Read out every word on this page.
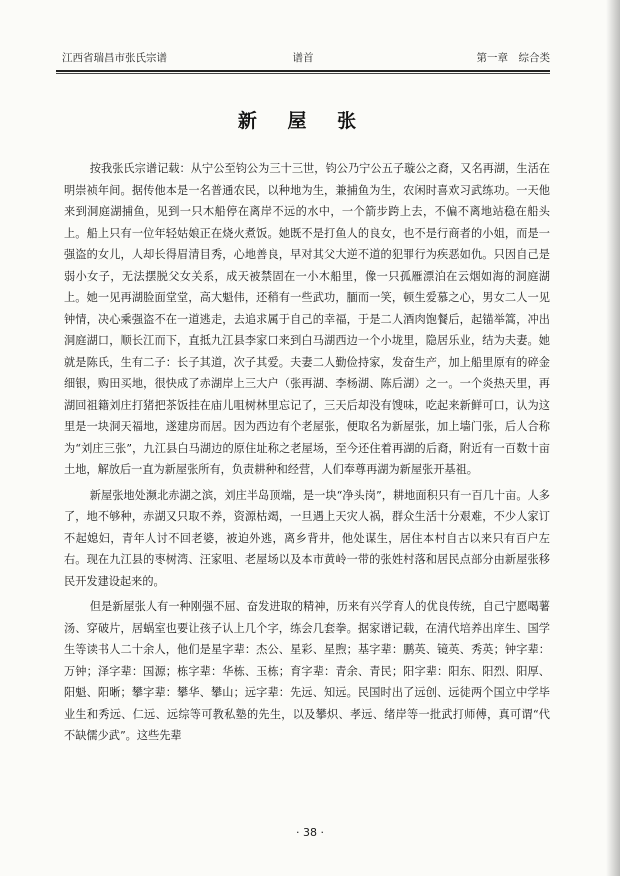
江西省瑞昌市张氏宗谱	谱首	第一章　综合类
新 屋 张

按我张氏宗谱记载：从宁公至钧公为三十三世，钧公乃宁公五子璇公之裔，又名再湖，生活在明崇祯年间。据传他本是一名普通农民，以种地为生，兼捕鱼为生，农闲时喜欢习武练功。一天他来到洞庭湖捕鱼，见到一只木船停在离岸不远的水中，一个箭步跨上去，不偏不离地站稳在船头上。船上只有一位年轻姑娘正在烧火煮饭。她既不是打鱼人的良女，也不是行商者的小姐，而是一强盗的女儿，人却长得眉清目秀，心地善良，早对其父大逆不道的犯罪行为疾恶如仇。只因自己是弱小女子，无法摆脱父女关系，成天被禁固在一小木船里，像一只孤雁漂泊在云烟如海的洞庭湖上。她一见再湖脸面堂堂，高大魁伟，还稍有一些武功，腼而一笑，顿生爱慕之心，男女二人一见钟情，决心乘强盗不在一道逃走，去追求属于自己的幸福，于是二人酒肉饱餐后，起锚举篙，冲出洞庭湖口，顺长江而下，直抵九江县李家口来到白马湖西边一个小垅里，隐居乐业，结为夫妻。她就是陈氏，生有二子：长子其道，次子其爱。夫妻二人勤俭持家，发奋生产，加上船里原有的碎金细银，购田买地，很快成了赤湖岸上三大户（张再湖、李杨湖、陈后湖）之一。一个炎热天里，再湖回祖籍刘庄打猪把茶饭挂在庙儿咀树林里忘记了，三天后却没有馊味，吃起来新鲜可口，认为这里是一块洞天福地，遂建房而居。因为西边有个老屋张，便取名为新屋张，加上墙门张，后人合称为“刘庄三张”，九江县白马湖边的原住址称之老屋场，至今还住着再湖的后裔，附近有一百数十亩土地，解放后一直为新屋张所有，负责耕种和经营，人们奉尊再湖为新屋张开基祖。

新屋张地处濒北赤湖之滨，刘庄半岛顶端，是一块“净头岗”，耕地面积只有一百几十亩。人多了，地不够种，赤湖又只取不养，资源枯竭，一旦遇上天灾人祸，群众生活十分艰难，不少人家订不起媳妇，青年人讨不回老婆，被迫外逃，离乡背井，他处谋生，居住本村自古以来只有百户左右。现在九江县的枣树湾、汪家咀、老屋场以及本市黄岭一带的张姓村落和居民点部分由新屋张移民开发建设起来的。

但是新屋张人有一种刚强不屈、奋发进取的精神，历来有兴学育人的优良传统，自己宁愿喝薯汤、穿破片，居蜗室也要让孩子认上几个字，练会几套拳。据家谱记载，在清代培养出庠生、国学生等读书人二十余人，他们是星字辈：杰公、星彩、星煦；基字辈：鹏英、镜英、秀英；钟字辈：万钟；泽字辈：国源；栋字辈：华栋、玉栋；育字辈：青余、青民；阳字辈：阳东、阳烈、阳厚、阳魁、阳晰；攀字辈：攀华、攀山；远字辈：先远、知远。民国时出了远创、远徒两个国立中学毕业生和秀远、仁远、远综等可教私塾的先生，以及攀炽、孝远、绪岸等一批武打师傅，真可谓“代不缺儒少武”。这些先辈

· 38 ·
